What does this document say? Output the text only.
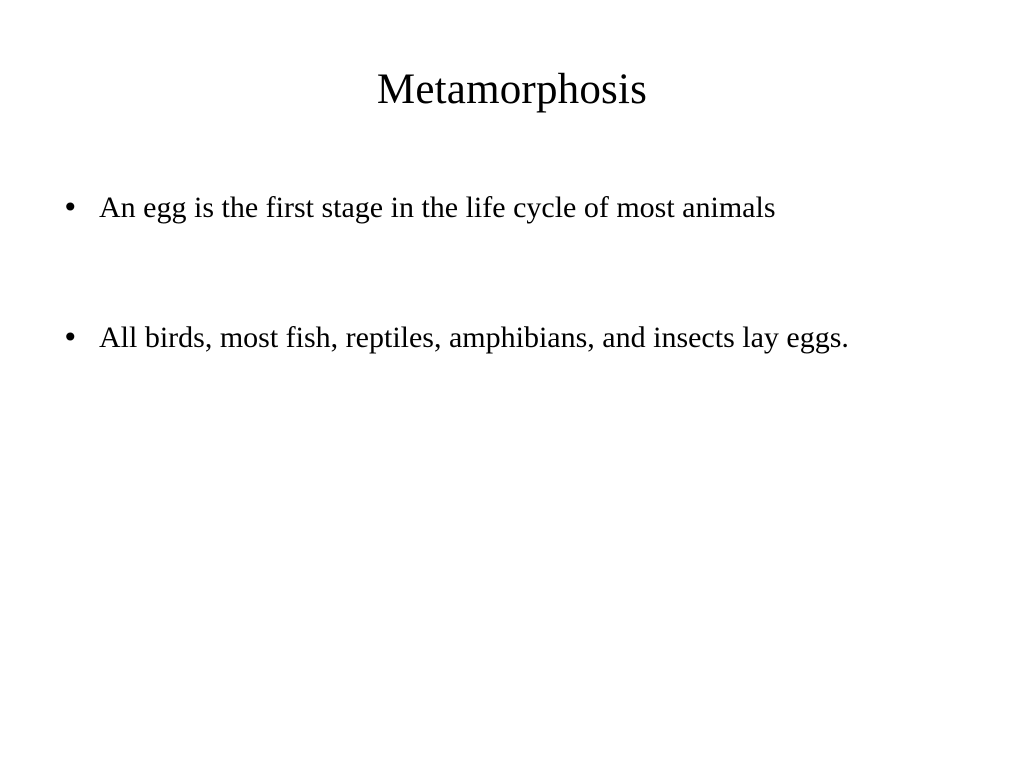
Metamorphosis
• An egg is the first stage in the life cycle of most animals
• All birds, most fish, reptiles, amphibians, and insects lay eggs.
